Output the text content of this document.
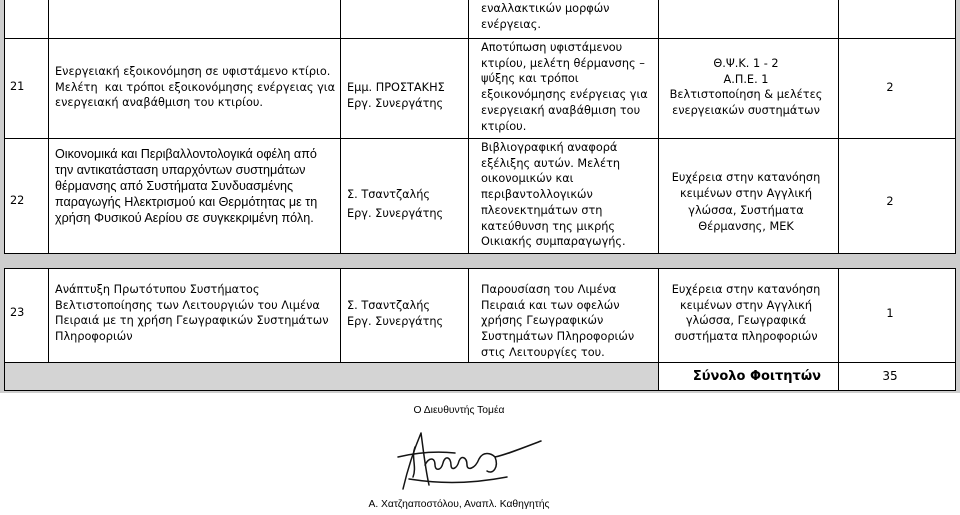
εναλλακτικών μορφών
ενέργειας.
21
Ενεργειακή εξοικονόμηση σε υφιστάμενο κτίριο.
Μελέτη  και τρόποι εξοικονόμησης ενέργειας για
ενεργειακή αναβάθμιση του κτιρίου.
Εμμ. ΠΡΟΣΤΑΚΗΣ
Εργ. Συνεργάτης
Αποτύπωση υφιστάμενου
κτιρίου, μελέτη θέρμανσης –
ψύξης και τρόποι
εξοικονόμησης ενέργειας για
ενεργειακή αναβάθμιση του
κτιρίου.
Θ.Ψ.Κ. 1 - 2
Α.Π.Ε. 1
Βελτιστοποίηση & μελέτες
ενεργειακών συστημάτων
2
22
Οικονομικά και Περιβαλλοντολογικά οφέλη από
την αντικατάσταση υπαρχόντων συστημάτων
θέρμανσης από Συστήματα Συνδυασμένης
παραγωγής Ηλεκτρισμού και Θερμότητας με τη
χρήση Φυσικού Αερίου σε συγκεκριμένη πόλη.
Σ. Τσαντζαλής
Εργ. Συνεργάτης
Βιβλιογραφική αναφορά
εξέλιξης αυτών. Μελέτη
οικονομικών και
περιβαντολλογικών
πλεονεκτημάτων στη
κατεύθυνση της μικρής
Οικιακής συμπαραγωγής.
Ευχέρεια στην κατανόηση
κειμένων στην Αγγλική
γλώσσα, Συστήματα
Θέρμανσης, ΜΕΚ
2
23
Ανάπτυξη Πρωτότυπου Συστήματος
Βελτιστοποίησης των Λειτουργιών του Λιμένα
Πειραιά με τη χρήση Γεωγραφικών Συστημάτων
Πληροφοριών
Σ. Τσαντζαλής
Εργ. Συνεργάτης
Παρουσίαση του Λιμένα
Πειραιά και των οφελών
χρήσης Γεωγραφικών
Συστημάτων Πληροφοριών
στις Λειτουργίες του.
Ευχέρεια στην κατανόηση
κειμένων στην Αγγλική
γλώσσα, Γεωγραφικά
συστήματα πληροφοριών
1
Σύνολο Φοιτητών	35
Ο Διευθυντής Τομέα
Α. Χατζηαποστόλου, Αναπλ. Καθηγητής
